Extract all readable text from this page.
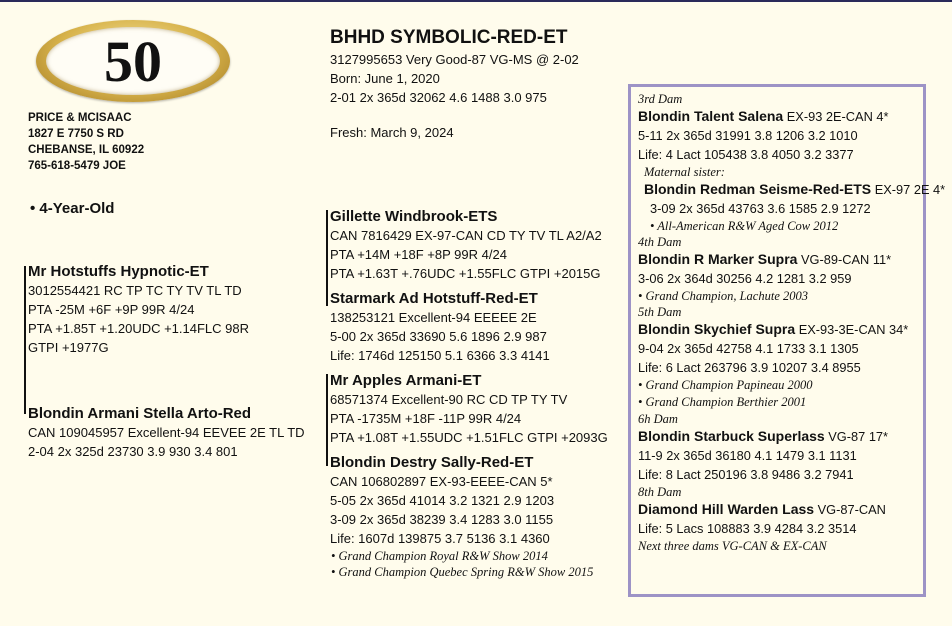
50
PRICE & MCISAAC
1827 E 7750 S RD
CHEBANSE, IL 60922
765-618-5479 JOE
• 4-Year-Old
BHHD SYMBOLIC-RED-ET
3127995653 Very Good-87 VG-MS @ 2-02
Born: June 1, 2020
2-01 2x 365d 32062 4.6 1488 3.0 975
Fresh: March 9, 2024
Mr Hotstuffs Hypnotic-ET
3012554421 RC TP TC TY TV TL TD
PTA -25M +6F +9P 99R 4/24
PTA +1.85T +1.20UDC +1.14FLC 98R
GTPI +1977G
Blondin Armani Stella Arto-Red
CAN 109045957 Excellent-94 EEVEE 2E TL TD
2-04 2x 325d 23730 3.9 930 3.4 801
Gillette Windbrook-ETS
CAN 7816429 EX-97-CAN CD TY TV TL A2/A2
PTA +14M +18F +8P 99R 4/24
PTA +1.63T +.76UDC +1.55FLC GTPI +2015G
Starmark Ad Hotstuff-Red-ET
138253121 Excellent-94 EEEEE 2E
5-00 2x 365d 33690 5.6 1896 2.9 987
Life: 1746d 125150 5.1 6366 3.3 4141
Mr Apples Armani-ET
68571374 Excellent-90 RC CD TP TY TV
PTA -1735M +18F -11P 99R 4/24
PTA +1.08T +1.55UDC +1.51FLC GTPI +2093G
Blondin Destry Sally-Red-ET
CAN 106802897 EX-93-EEEE-CAN 5*
5-05 2x 365d 41014 3.2 1321 2.9 1203
3-09 2x 365d 38239 3.4 1283 3.0 1155
Life: 1607d 139875 3.7 5136 3.1 4360
• Grand Champion Royal R&W Show 2014
• Grand Champion Quebec Spring R&W Show 2015
3rd Dam
Blondin Talent Salena EX-93 2E-CAN 4*
5-11 2x 365d 31991 3.8 1206 3.2 1010
Life: 4 Lact 105438 3.8 4050 3.2 3377
Maternal sister:
Blondin Redman Seisme-Red-ETS EX-97 2E 4*
3-09 2x 365d 43763 3.6 1585 2.9 1272
• All-American R&W Aged Cow 2012
4th Dam
Blondin R Marker Supra VG-89-CAN 11*
3-06 2x 364d 30256 4.2 1281 3.2 959
• Grand Champion, Lachute 2003
5th Dam
Blondin Skychief Supra EX-93-3E-CAN 34*
9-04 2x 365d 42758 4.1 1733 3.1 1305
Life: 6 Lact 263796 3.9 10207 3.4 8955
• Grand Champion Papineau 2000
• Grand Champion Berthier 2001
6h Dam
Blondin Starbuck Superlass VG-87 17*
11-9 2x 365d 36180 4.1 1479 3.1 1131
Life: 8 Lact 250196 3.8 9486 3.2 7941
8th Dam
Diamond Hill Warden Lass VG-87-CAN
Life: 5 Lacs 108883 3.9 4284 3.2 3514
Next three dams VG-CAN & EX-CAN
